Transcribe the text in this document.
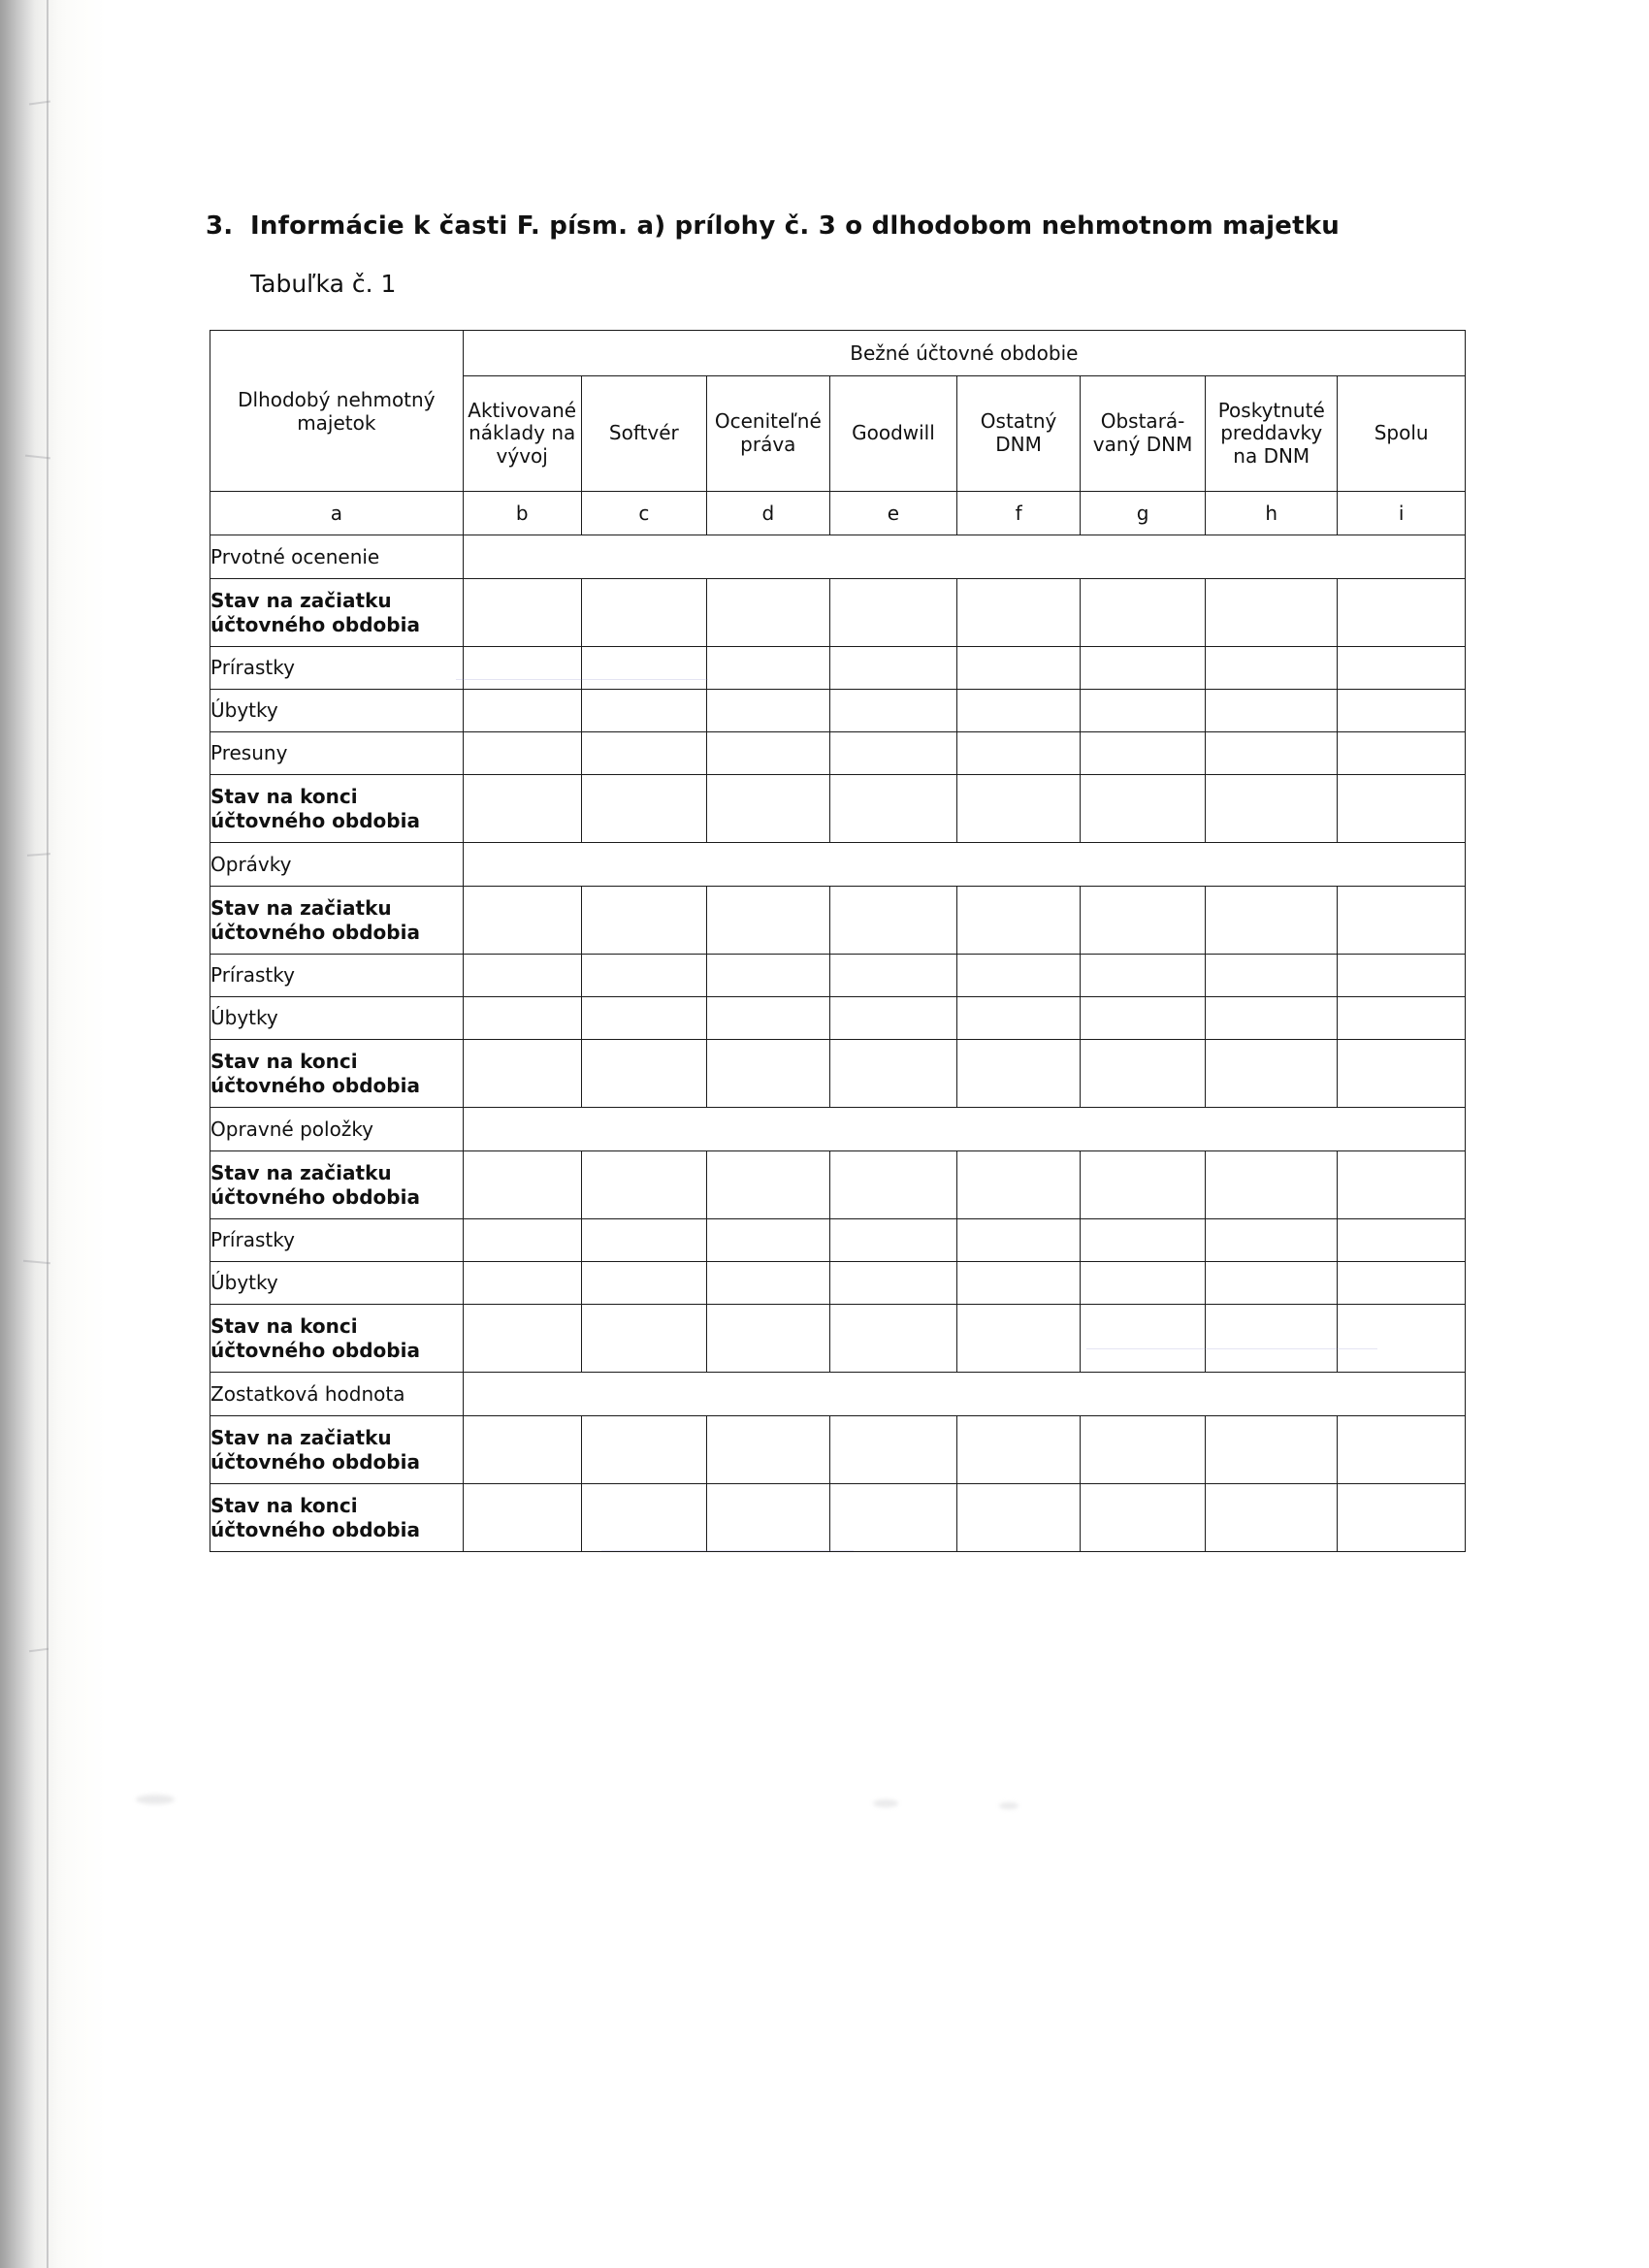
3. Informácie k časti F. písm. a) prílohy č. 3 o dlhodobom nehmotnom majetku
Tabuľka č. 1
Dlhodobý nehmotný majetok	Bežné účtovné obdobie							
	Aktivované náklady na vývoj	Softvér	Oceniteľné práva	Goodwill	Ostatný DNM	Obstará- vaný DNM	Poskytnuté preddavky na DNM	Spolu
a	b	c	d	e	f	g	h	i
Prvotné ocenenie								
Stav na začiatku účtovného obdobia								
Prírastky								
Úbytky								
Presuny								
Stav na konci účtovného obdobia								
Oprávky								
Stav na začiatku účtovného obdobia								
Prírastky								
Úbytky								
Stav na konci účtovného obdobia								
Opravné položky								
Stav na začiatku účtovného obdobia								
Prírastky								
Úbytky								
Stav na konci účtovného obdobia								
Zostatková hodnota								
Stav na začiatku účtovného obdobia								
Stav na konci účtovného obdobia								
